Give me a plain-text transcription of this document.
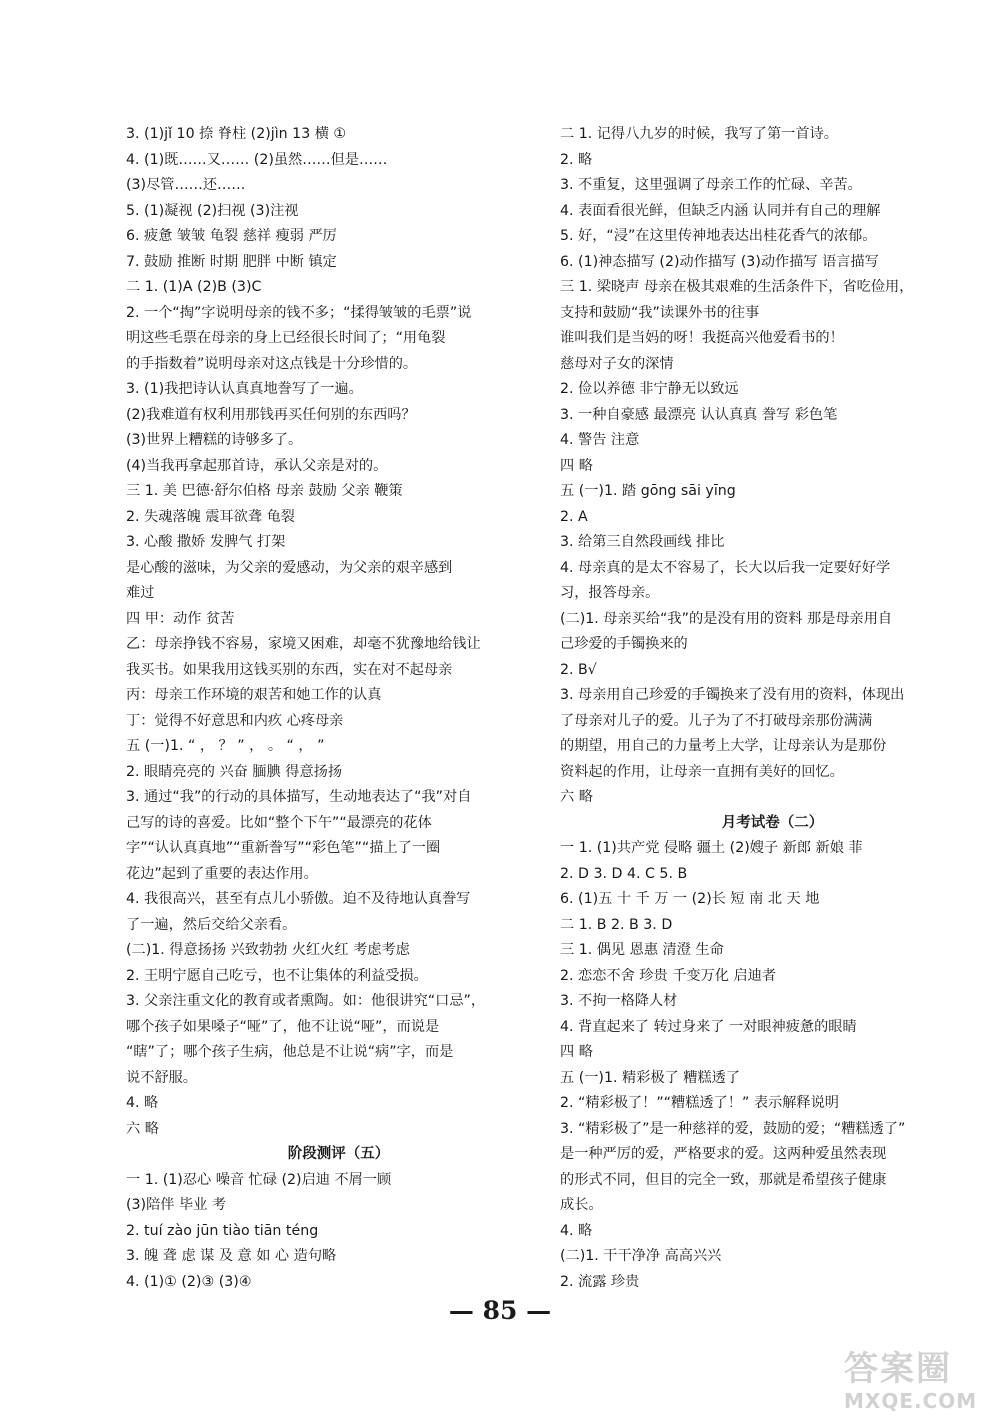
3. (1)jǐ 10 捺 脊柱 (2)jìn 13 横 ①
4. (1)既……又…… (2)虽然……但是……
(3)尽管……还……
5. (1)凝视 (2)扫视 (3)注视
6. 疲惫 皱皱 龟裂 慈祥 瘦弱 严厉
7. 鼓励 推断 时期 肥胖 中断 镇定
二 1. (1)A (2)B (3)C
2. 一个“掏”字说明母亲的钱不多；“揉得皱皱的毛票”说
明这些毛票在母亲的身上已经很长时间了；“用龟裂
的手指数着”说明母亲对这点钱是十分珍惜的。
3. (1)我把诗认认真真地誊写了一遍。
(2)我难道有权利用那钱再买任何别的东西吗？
(3)世界上糟糕的诗够多了。
(4)当我再拿起那首诗，承认父亲是对的。
三 1. 美 巴德·舒尔伯格 母亲 鼓励 父亲 鞭策
2. 失魂落魄 震耳欲聋 龟裂
3. 心酸 撒娇 发脾气 打架
是心酸的滋味，为父亲的爱感动，为父亲的艰辛感到
难过
四 甲：动作 贫苦
乙：母亲挣钱不容易，家境又困难，却毫不犹豫地给钱让
我买书。如果我用这钱买别的东西，实在对不起母亲
丙：母亲工作环境的艰苦和她工作的认真
丁：觉得不好意思和内疚 心疼母亲
五 (一)1. “ ， ？ ” ， 。 “ ， ”
2. 眼睛亮亮的 兴奋 腼腆 得意扬扬
3. 通过“我”的行动的具体描写，生动地表达了“我”对自
己写的诗的喜爱。比如“整个下午”“最漂亮的花体
字”“认认真真地”“重新誊写”“彩色笔”“描上了一圈
花边”起到了重要的表达作用。
4. 我很高兴，甚至有点儿小骄傲。迫不及待地认真誊写
了一遍，然后交给父亲看。
(二)1. 得意扬扬 兴致勃勃 火红火红 考虑考虑
2. 王明宁愿自己吃亏，也不让集体的利益受损。
3. 父亲注重文化的教育或者熏陶。如：他很讲究“口忌”，
哪个孩子如果嗓子“哑”了，他不让说“哑”，而说是
“瞎”了；哪个孩子生病，他总是不让说“病”字，而是
说不舒服。
4. 略
六 略
阶段测评（五）
一 1. (1)忍心 噪音 忙碌 (2)启迪 不屑一顾
(3)陪伴 毕业 考
2. tuí zào jūn tiào tiān téng
3. 魄 聋 虑 谋 及 意 如 心 造句略
4. (1)① (2)③ (3)④
二 1. 记得八九岁的时候，我写了第一首诗。
2. 略
3. 不重复，这里强调了母亲工作的忙碌、辛苦。
4. 表面看很光鲜，但缺乏内涵 认同并有自己的理解
5. 好，“浸”在这里传神地表达出桂花香气的浓郁。
6. (1)神态描写 (2)动作描写 (3)动作描写 语言描写
三 1. 梁晓声 母亲在极其艰难的生活条件下，省吃俭用，
支持和鼓励“我”读课外书的往事
谁叫我们是当妈的呀！我挺高兴他爱看书的！
慈母对子女的深情
2. 俭以养德 非宁静无以致远
3. 一种自豪感 最漂亮 认认真真 誊写 彩色笔
4. 警告 注意
四 略
五 (一)1. 踏 gōng sāi yīng
2. A
3. 给第三自然段画线 排比
4. 母亲真的是太不容易了，长大以后我一定要好好学
习，报答母亲。
(二)1. 母亲买给“我”的是没有用的资料 那是母亲用自
己珍爱的手镯换来的
2. B√
3. 母亲用自己珍爱的手镯换来了没有用的资料，体现出
了母亲对儿子的爱。儿子为了不打破母亲那份满满
的期望，用自己的力量考上大学，让母亲认为是那份
资料起的作用，让母亲一直拥有美好的回忆。
六 略
月考试卷（二）
一 1. (1)共产党 侵略 疆土 (2)嫂子 新郎 新娘 菲
2. D 3. D 4. C 5. B
6. (1)五 十 千 万 一 (2)长 短 南 北 天 地
二 1. B 2. B 3. D
三 1. 偶见 恩惠 清澄 生命
2. 恋恋不舍 珍贵 千变万化 启迪者
3. 不拘一格降人材
4. 背直起来了 转过身来了 一对眼神疲惫的眼睛
四 略
五 (一)1. 精彩极了 糟糕透了
2. “精彩极了！”“糟糕透了！” 表示解释说明
3. “精彩极了”是一种慈祥的爱，鼓励的爱；“糟糕透了”
是一种严厉的爱，严格要求的爱。这两种爱虽然表现
的形式不同，但目的完全一致，那就是希望孩子健康
成长。
4. 略
(二)1. 干干净净 高高兴兴
2. 流露 珍贵
— 85 —
答案圈
MXQE.COM
